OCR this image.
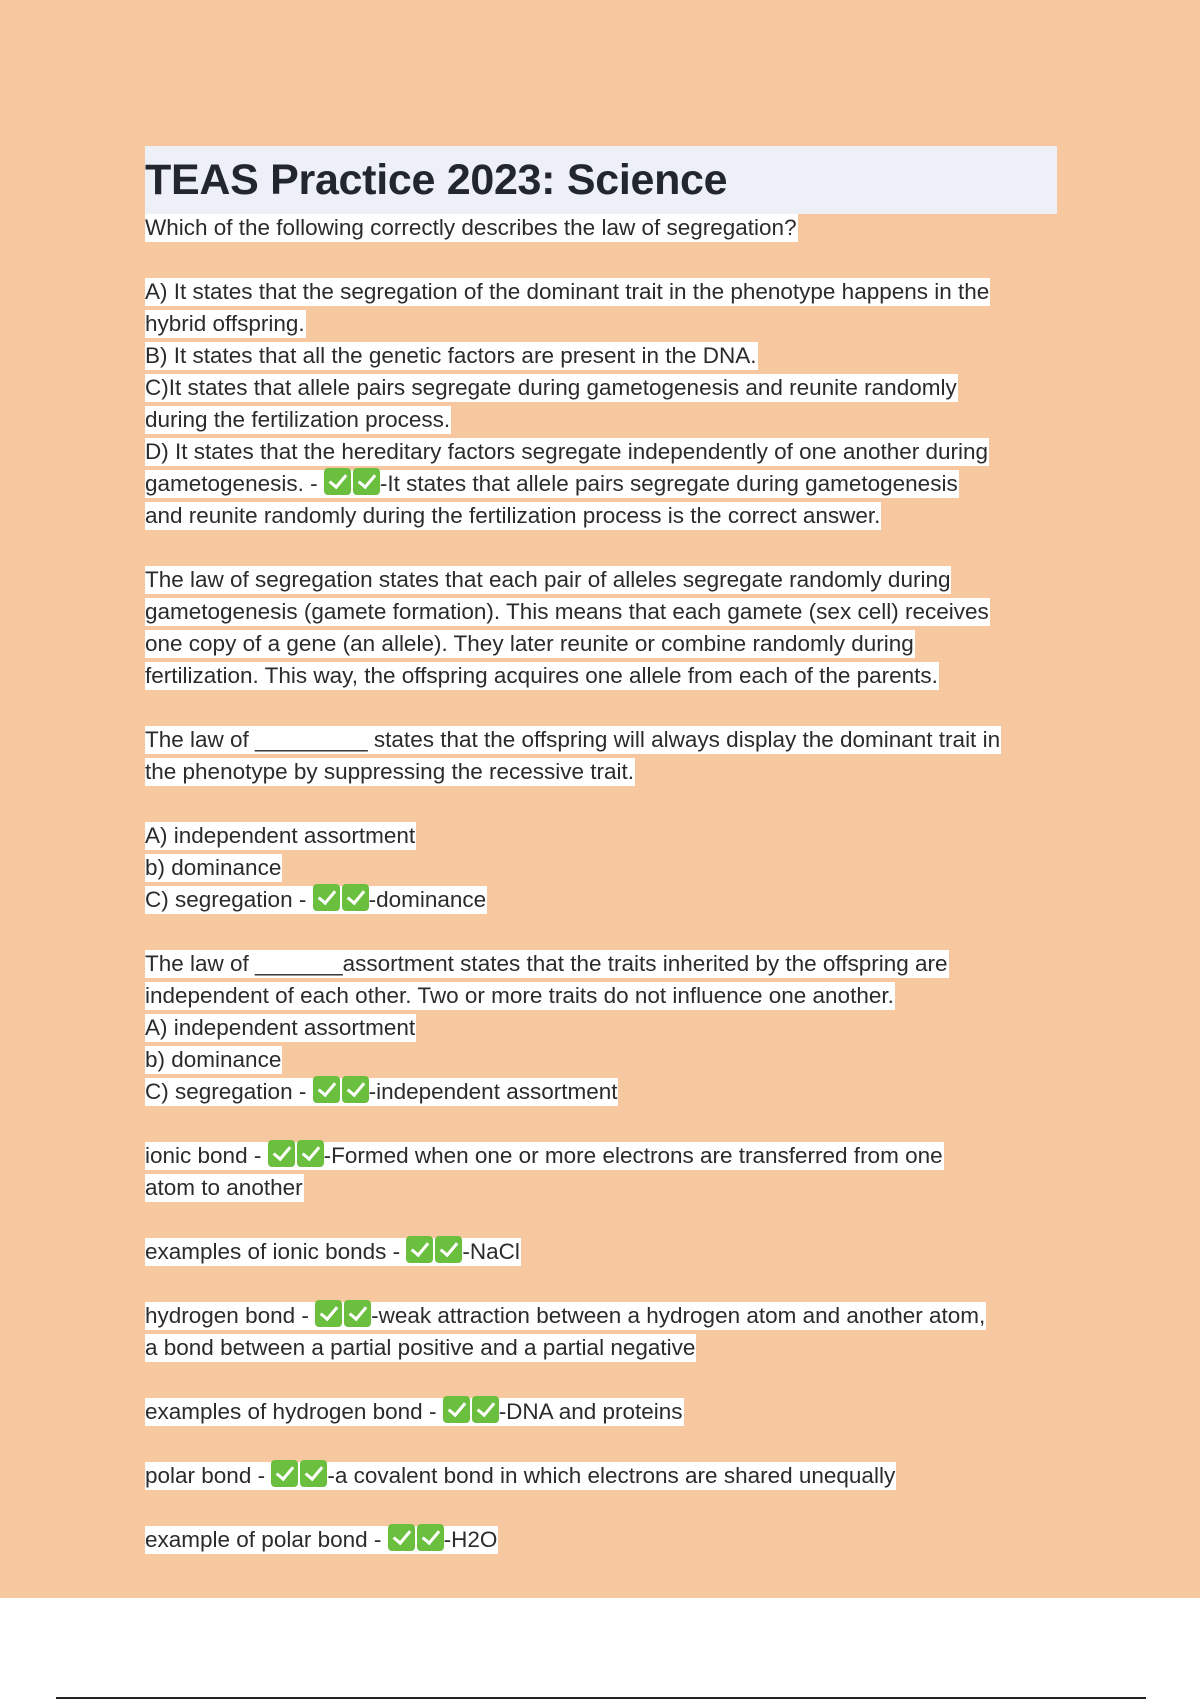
TEAS Practice 2023: Science
Which of the following correctly describes the law of segregation?
A) It states that the segregation of the dominant trait in the phenotype happens in the
hybrid offspring.
B) It states that all the genetic factors are present in the DNA.
C)It states that allele pairs segregate during gametogenesis and reunite randomly
during the fertilization process.
D) It states that the hereditary factors segregate independently of one another during
gametogenesis. -
-It states that allele pairs segregate during gametogenesis
and reunite randomly during the fertilization process is the correct answer.
The law of segregation states that each pair of alleles segregate randomly during
gametogenesis (gamete formation). This means that each gamete (sex cell) receives
one copy of a gene (an allele). They later reunite or combine randomly during
fertilization. This way, the offspring acquires one allele from each of the parents.
The law of _________ states that the offspring will always display the dominant trait in
the phenotype by suppressing the recessive trait.
A) independent assortment
b) dominance
C) segregation -
-dominance
The law of _______assortment states that the traits inherited by the offspring are
independent of each other. Two or more traits do not influence one another.
A) independent assortment
b) dominance
C) segregation -
-independent assortment
ionic bond -
-Formed when one or more electrons are transferred from one
atom to another
examples of ionic bonds -
-NaCl
hydrogen bond -
-weak attraction between a hydrogen atom and another atom,
a bond between a partial positive and a partial negative
examples of hydrogen bond -
-DNA and proteins
polar bond -
-a covalent bond in which electrons are shared unequally
example of polar bond -
-H2O
